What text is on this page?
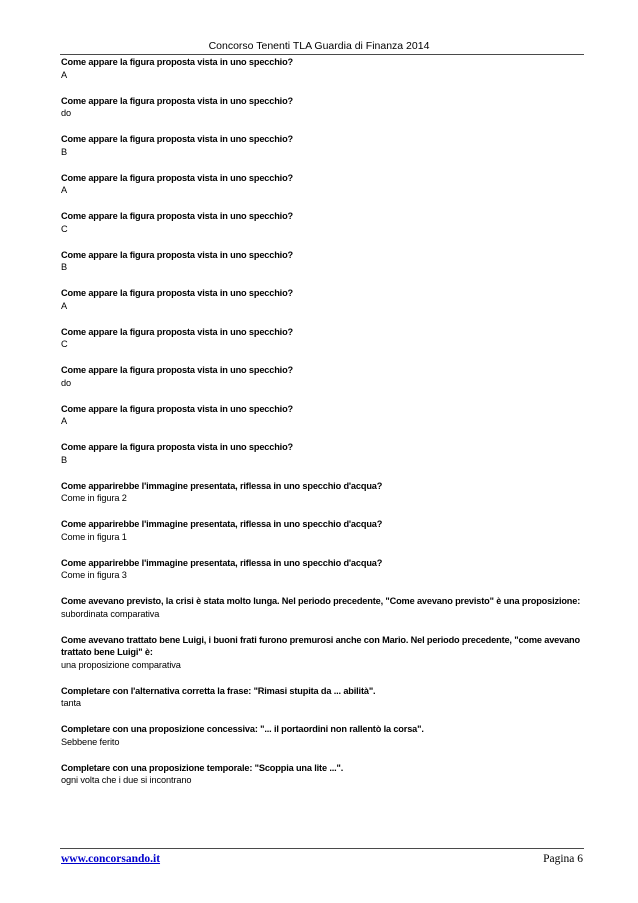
Concorso Tenenti TLA Guardia di Finanza 2014
Come appare la figura proposta vista in uno specchio?
A
Come appare la figura proposta vista in uno specchio?
do
Come appare la figura proposta vista in uno specchio?
B
Come appare la figura proposta vista in uno specchio?
A
Come appare la figura proposta vista in uno specchio?
C
Come appare la figura proposta vista in uno specchio?
B
Come appare la figura proposta vista in uno specchio?
A
Come appare la figura proposta vista in uno specchio?
C
Come appare la figura proposta vista in uno specchio?
do
Come appare la figura proposta vista in uno specchio?
A
Come appare la figura proposta vista in uno specchio?
B
Come apparirebbe l'immagine presentata, riflessa in uno specchio d'acqua?
Come in figura 2
Come apparirebbe l'immagine presentata, riflessa in uno specchio d'acqua?
Come in figura 1
Come apparirebbe l'immagine presentata, riflessa in uno specchio d'acqua?
Come in figura 3
Come avevano previsto, la crisi è stata molto lunga. Nel periodo precedente, "Come avevano previsto" è una proposizione:
subordinata comparativa
Come avevano trattato bene Luigi, i buoni frati furono premurosi anche con Mario. Nel periodo precedente, "come avevano trattato bene Luigi" è:
una proposizione comparativa
Completare con l'alternativa corretta la frase: "Rimasi stupita da ... abilità".
tanta
Completare con una proposizione concessiva: "... il portaordini non rallentò la corsa".
Sebbene ferito
Completare con una proposizione temporale: "Scoppia una lite ...".
ogni volta che i due si incontrano
www.concorsando.it	Pagina 6
